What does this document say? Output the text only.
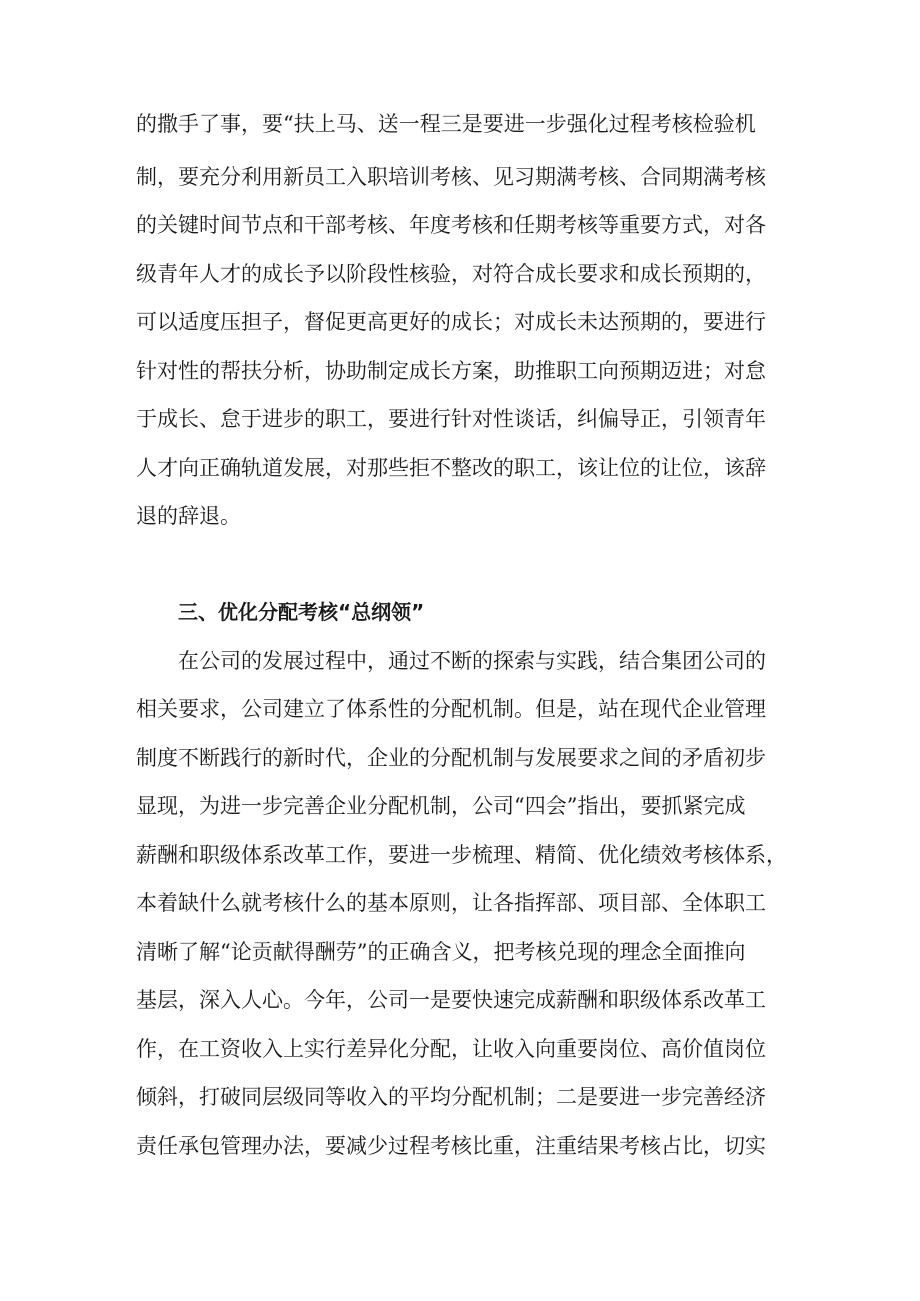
的撒手了事，要“扶上马、送一程三是要进一步强化过程考核检验机
制，要充分利用新员工入职培训考核、见习期满考核、合同期满考核
的关键时间节点和干部考核、年度考核和任期考核等重要方式，对各
级青年人才的成长予以阶段性核验，对符合成长要求和成长预期的，
可以适度压担子，督促更高更好的成长；对成长未达预期的，要进行
针对性的帮扶分析，协助制定成长方案，助推职工向预期迈进；对怠
于成长、怠于进步的职工，要进行针对性谈话，纠偏导正，引领青年
人才向正确轨道发展，对那些拒不整改的职工，该让位的让位，该辞
退的辞退。
三、优化分配考核“总纲领”
在公司的发展过程中，通过不断的探索与实践，结合集团公司的
相关要求，公司建立了体系性的分配机制。但是，站在现代企业管理
制度不断践行的新时代，企业的分配机制与发展要求之间的矛盾初步
显现，为进一步完善企业分配机制，公司“四会”指出，要抓紧完成
薪酬和职级体系改革工作，要进一步梳理、精简、优化绩效考核体系，
本着缺什么就考核什么的基本原则，让各指挥部、项目部、全体职工
清晰了解“论贡献得酬劳”的正确含义，把考核兑现的理念全面推向
基层，深入人心。今年，公司一是要快速完成薪酬和职级体系改革工
作，在工资收入上实行差异化分配，让收入向重要岗位、高价值岗位
倾斜，打破同层级同等收入的平均分配机制；二是要进一步完善经济
责任承包管理办法，要减少过程考核比重，注重结果考核占比，切实
